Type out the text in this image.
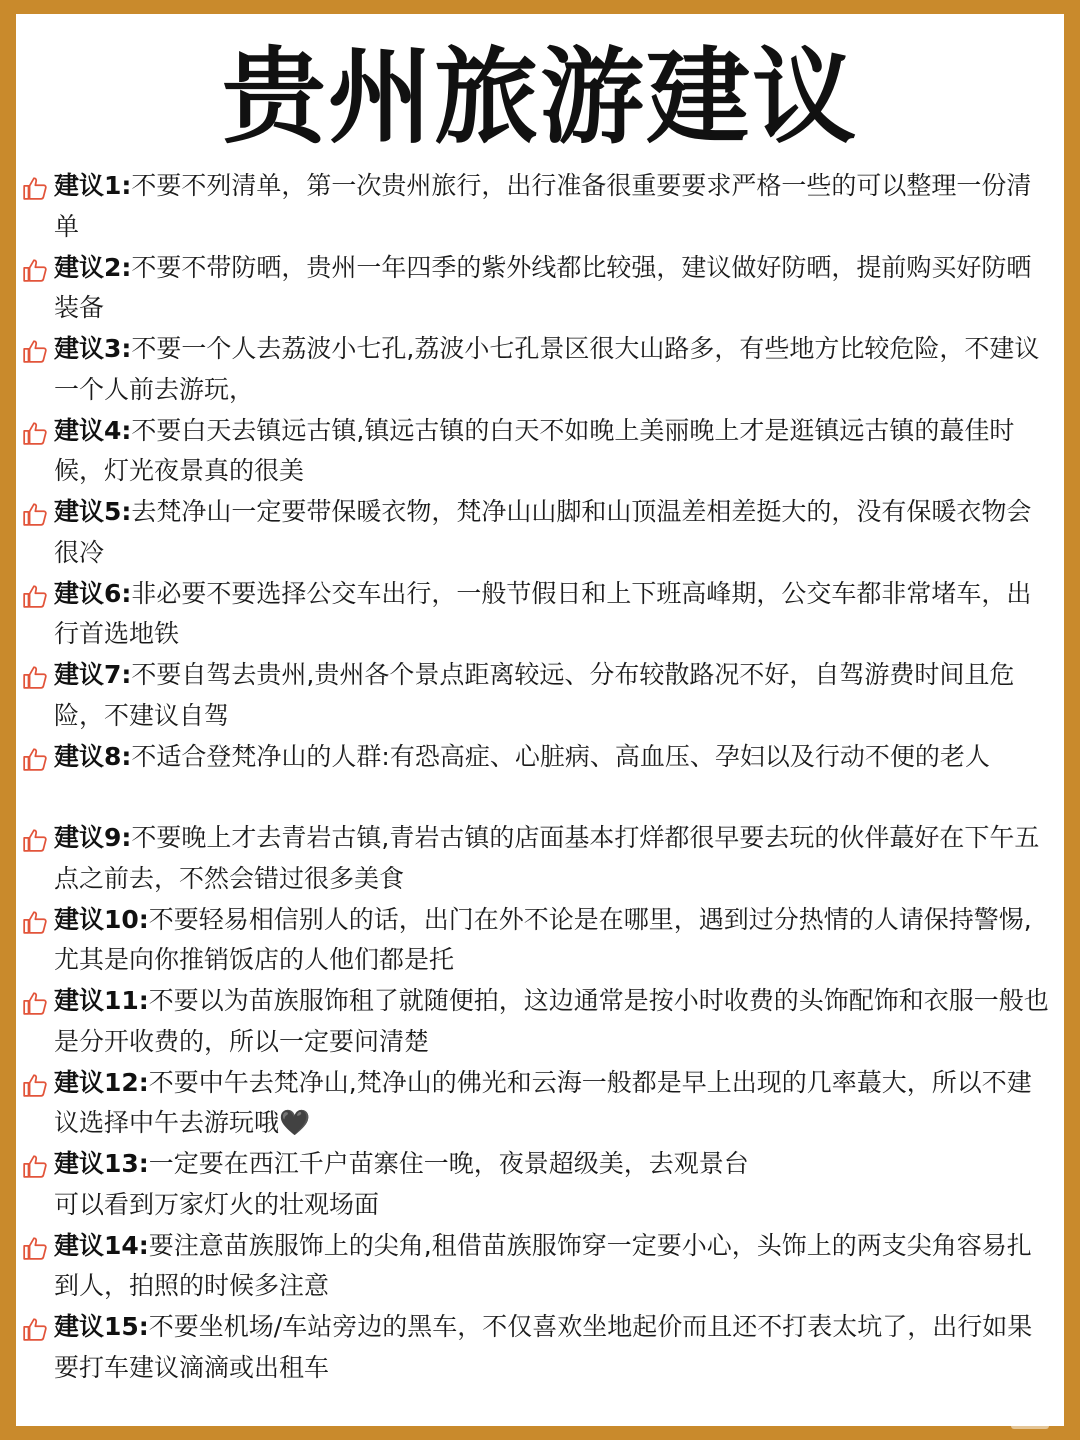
贵州旅游建议
建议1:不要不列清单，第一次贵州旅行，出行准备很重要要求严格一些的可以整理一份清单
建议2:不要不带防晒，贵州一年四季的紫外线都比较强，建议做好防晒，提前购买好防晒装备
建议3:不要一个人去荔波小七孔,荔波小七孔景区很大山路多，有些地方比较危险，不建议一个人前去游玩，
建议4:不要白天去镇远古镇,镇远古镇的白天不如晚上美丽晚上才是逛镇远古镇的蕞佳时候，灯光夜景真的很美
建议5:去梵净山一定要带保暖衣物，梵净山山脚和山顶温差相差挺大的，没有保暖衣物会很冷
建议6:非必要不要选择公交车出行，一般节假日和上下班高峰期，公交车都非常堵车，出行首选地铁
建议7:不要自驾去贵州,贵州各个景点距离较远、分布较散路况不好，自驾游费时间且危险，不建议自驾
建议8:不适合登梵净山的人群:有恐高症、心脏病、高血压、孕妇以及行动不便的老人
建议9:不要晚上才去青岩古镇,青岩古镇的店面基本打烊都很早要去玩的伙伴蕞好在下午五点之前去，不然会错过很多美食
建议10:不要轻易相信别人的话，出门在外不论是在哪里，遇到过分热情的人请保持警惕,尤其是向你推销饭店的人他们都是托
建议11:不要以为苗族服饰租了就随便拍，这边通常是按小时收费的头饰配饰和衣服一般也是分开收费的，所以一定要问清楚
建议12:不要中午去梵净山,梵净山的佛光和云海一般都是早上出现的几率蕞大，所以不建议选择中午去游玩哦🖤
建议13:一定要在西江千户苗寨住一晚，夜景超级美，去观景台
可以看到万家灯火的壮观场面
建议14:要注意苗族服饰上的尖角,租借苗族服饰穿一定要小心，头饰上的两支尖角容易扎到人，拍照的时候多注意
建议15:不要坐机场/车站旁边的黑车，不仅喜欢坐地起价而且还不打表太坑了，出行如果要打车建议滴滴或出租车
